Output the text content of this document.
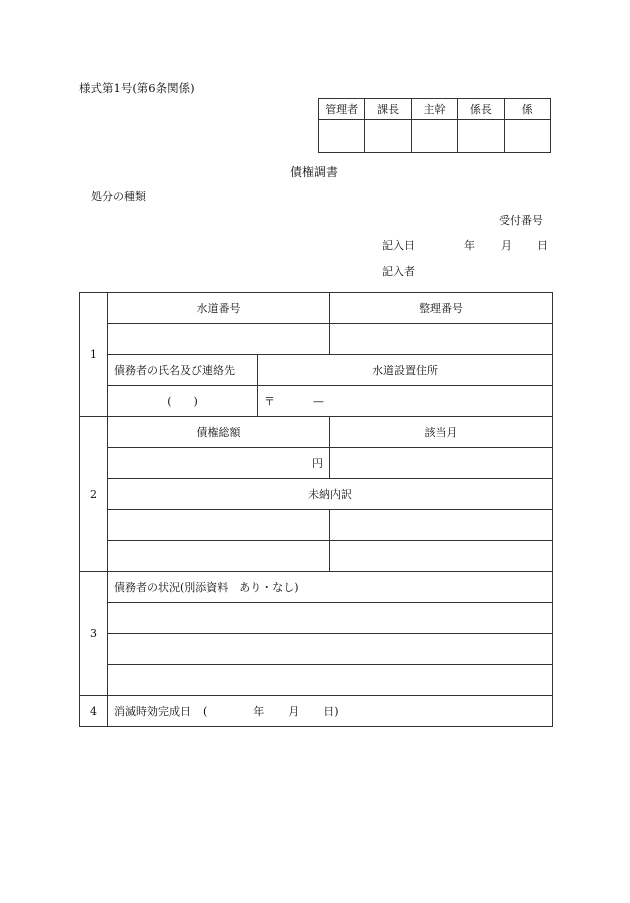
様式第1号(第6条関係)
管理者	課長	主幹	係長	係

債権調書
処分の種類
受付番号
記入日	年 月 日
記入者
1	水道番号		整理番号

	債務者の氏名及び連絡先	水道設置住所	
	(　　)	〒 —	
2	債権総額		該当月
	円		
	未納内訳		

3	債務者の状況(別添資料　あり・なし)		

4	消滅時効完成日 ( 年 月 日)		
